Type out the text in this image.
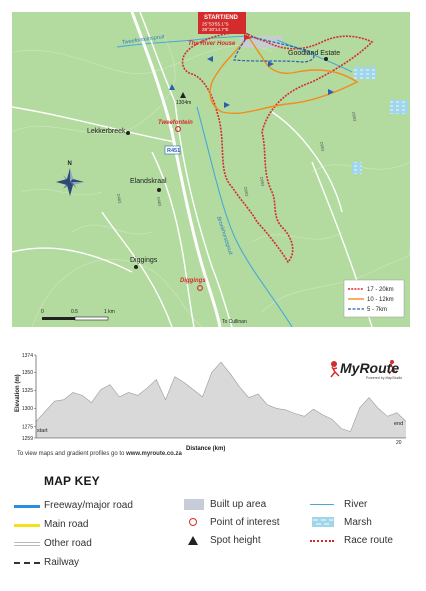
1304m
Tweefontein
Diggings
Goodland Estate
Lekkerbreek
Elandskraal
Diggings
Tweefonteinspruit
Bronkhorstspruit
The River House
D993
D993
D993
D993
D483
D483
To Cullinan
R451
START/END
25°53'55.1"S
28°20'14.7"E
N
0	0.5	1 km
17 - 20km
10 - 12km
5 - 7km
1374
1350
1325
1300
1275
1259
Elevation (m)
start
end
20
MyRoute
Powered by MapStudio
To view maps and gradient profiles go to www.myroute.co.za
Distance (km)
MAP KEY
Freeway/major road
Main road
Other road
Railway
Built up area
Point of interest
Spot height
River
Marsh
Race route
